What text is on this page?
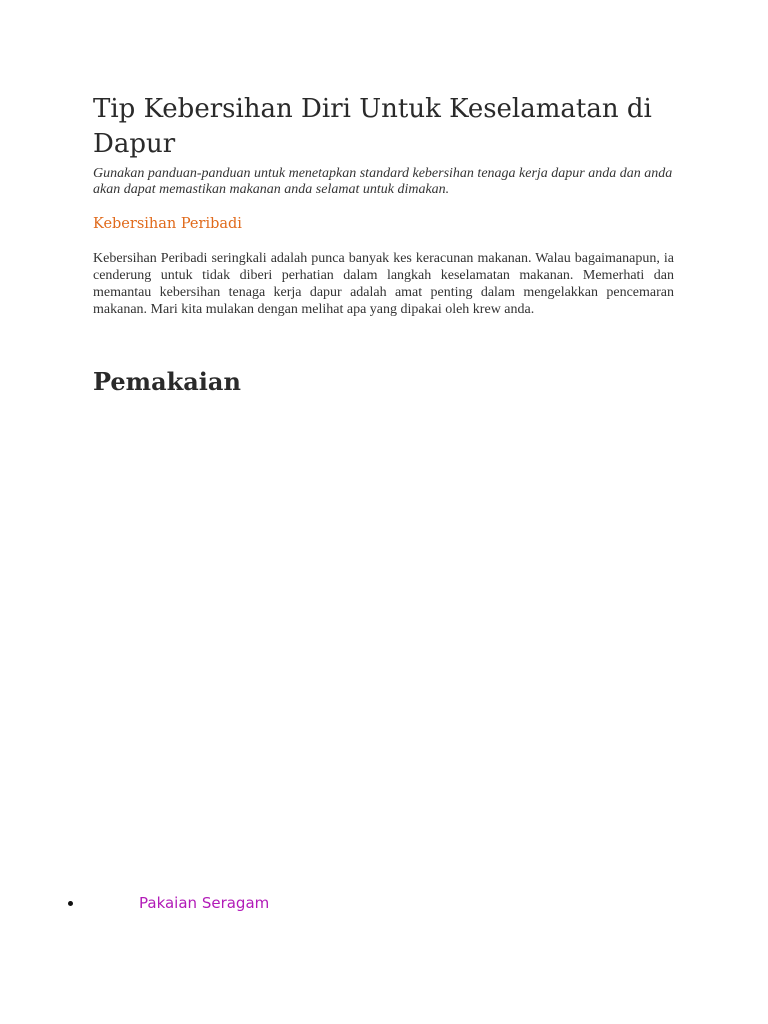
Tip Kebersihan Diri Untuk Keselamatan di Dapur

Gunakan panduan-panduan untuk menetapkan standard kebersihan tenaga kerja dapur anda dan anda akan dapat memastikan makanan anda selamat untuk dimakan.

Kebersihan Peribadi

Kebersihan Peribadi seringkali adalah punca banyak kes keracunan makanan. Walau bagaimanapun, ia cenderung untuk tidak diberi perhatian dalam langkah keselamatan makanan. Memerhati dan memantau kebersihan tenaga kerja dapur adalah amat penting dalam mengelakkan pencemaran makanan. Mari kita mulakan dengan melihat apa yang dipakai oleh krew anda.

Pemakaian
Pakaian Seragam
